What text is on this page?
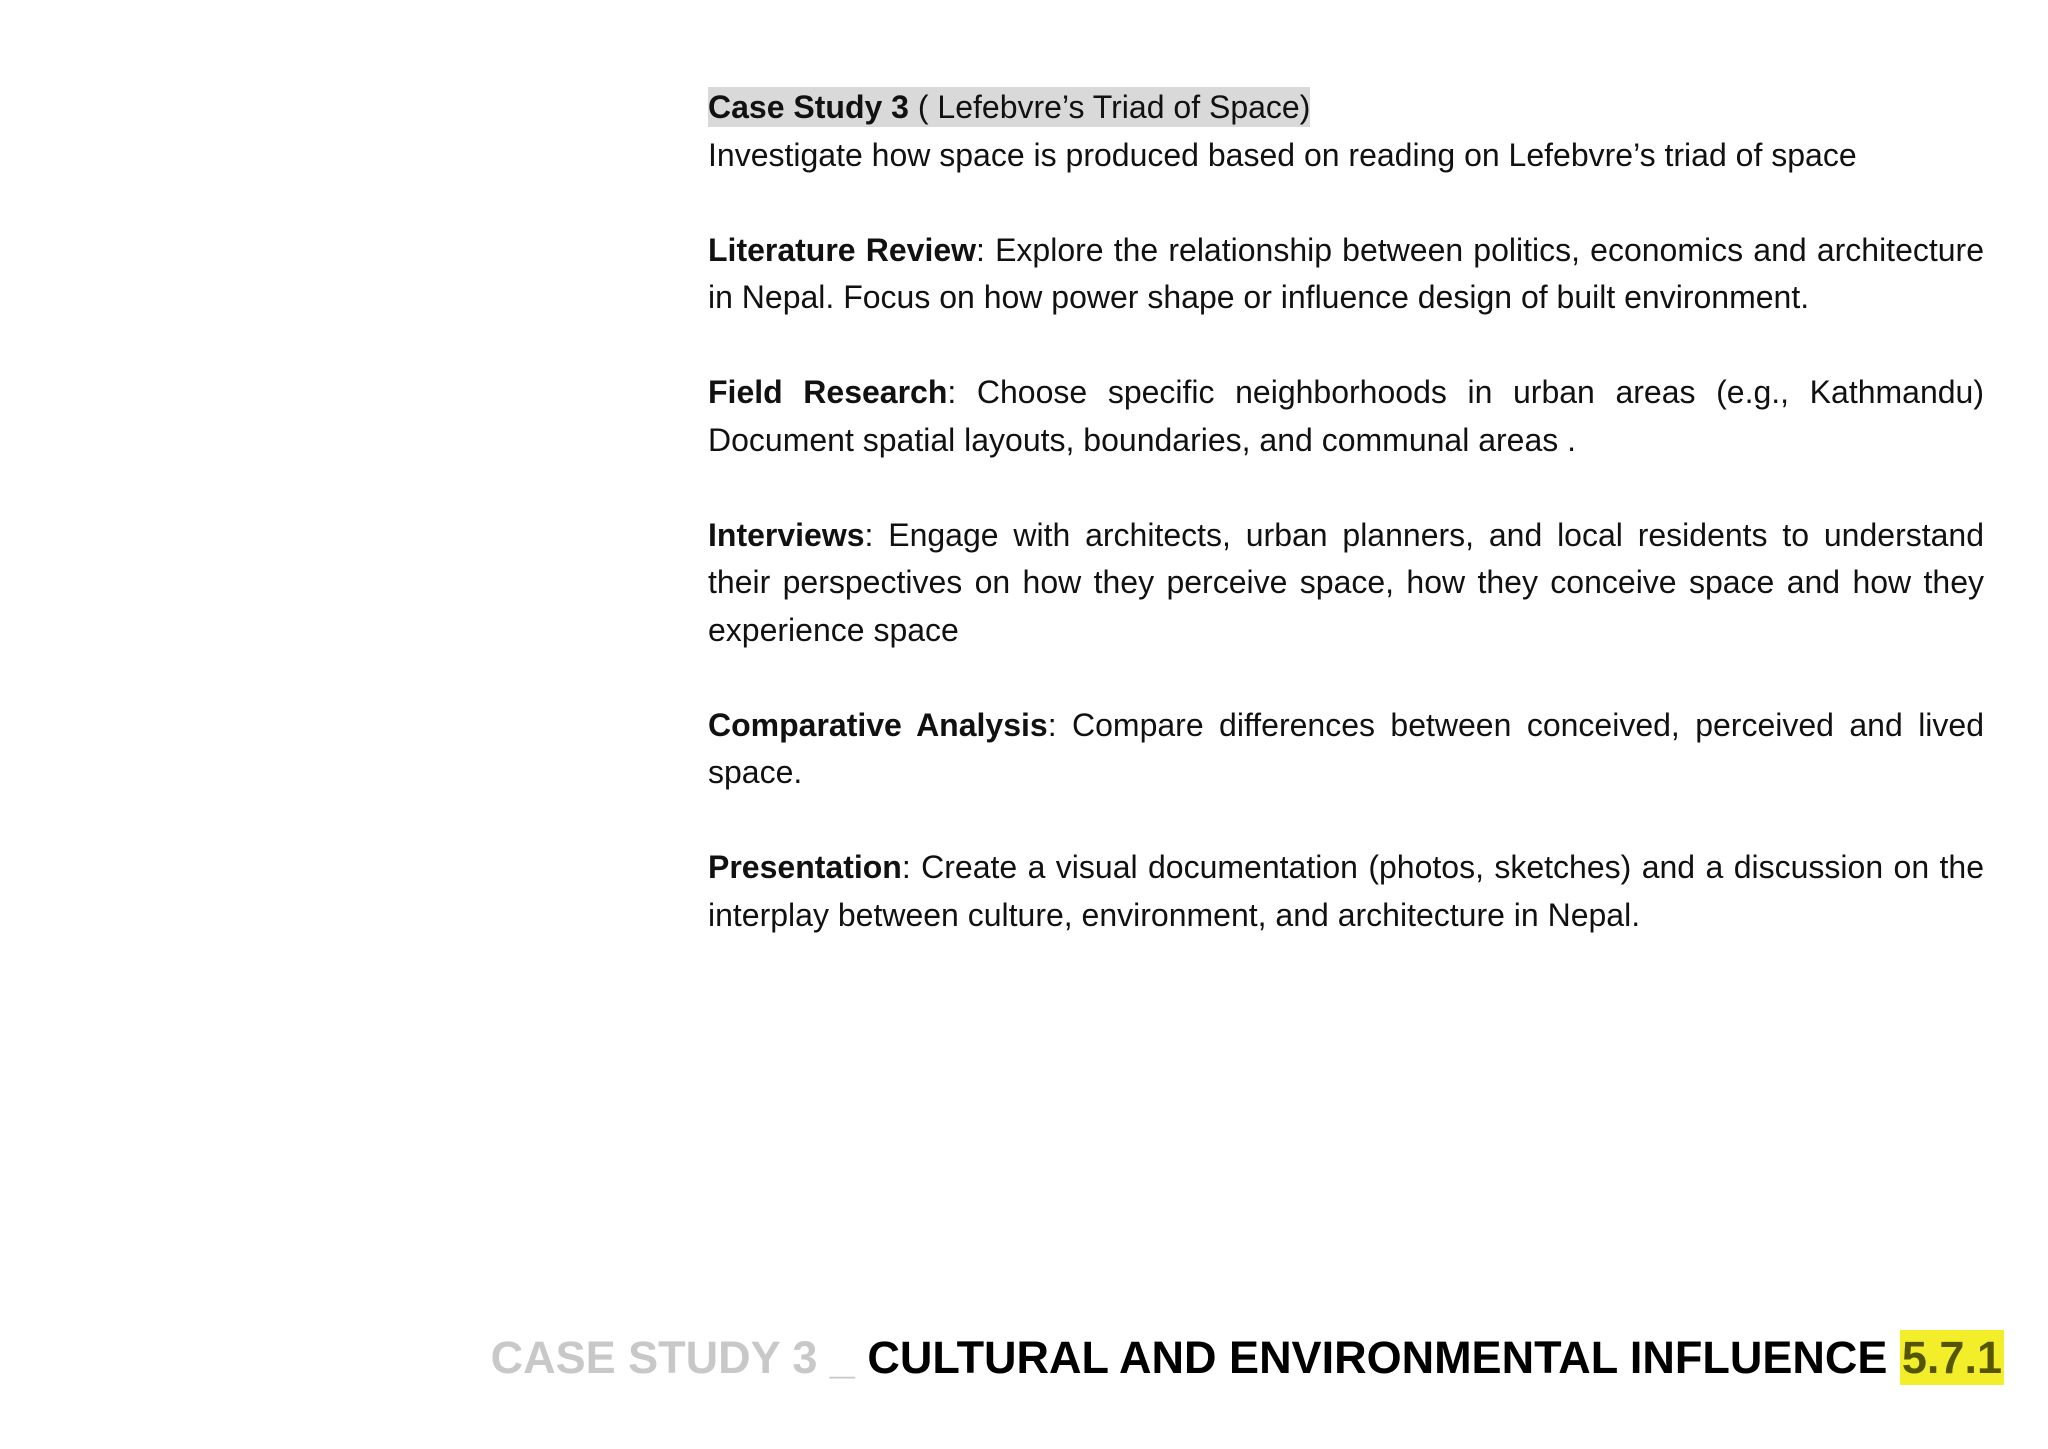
Case Study 3 ( Lefebvre’s Triad of Space)

Investigate how space is produced based on reading on Lefebvre’s triad of space

Literature Review: Explore the relationship between politics, economics and architecture in Nepal. Focus on how power shape or influence design of built environment.

Field Research: Choose specific neighborhoods in urban areas (e.g., Kathmandu) Document spatial layouts, boundaries, and communal areas .

Interviews: Engage with architects, urban planners, and local residents to understand their perspectives on how they perceive space, how they conceive space and how they experience space

Comparative Analysis: Compare differences between conceived, perceived and lived space.

Presentation: Create a visual documentation (photos, sketches) and a discussion on the interplay between culture, environment, and architecture in Nepal.

CASE STUDY 3 _ CULTURAL AND ENVIRONMENTAL INFLUENCE 5.7.1
